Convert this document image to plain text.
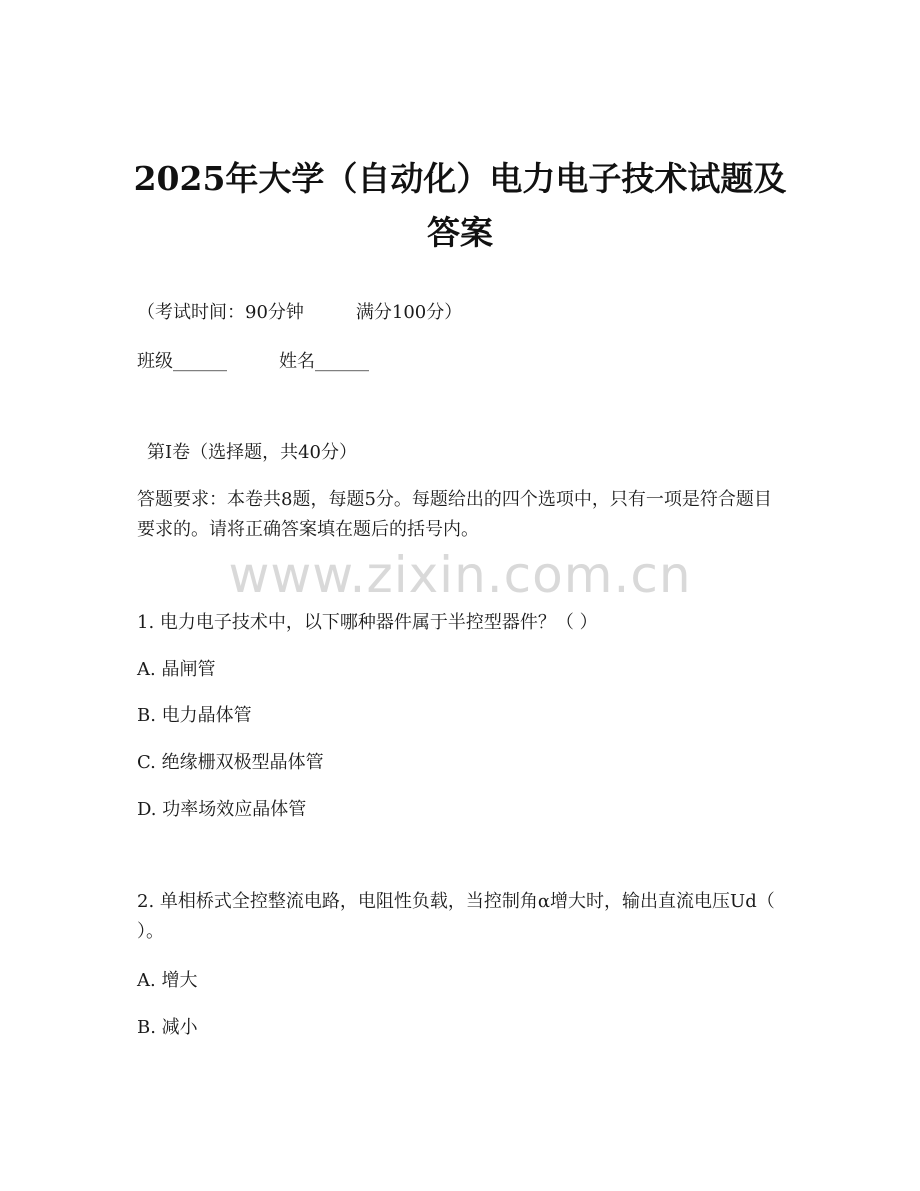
2025年大学（自动化）电力电子技术试题及答案
（考试时间：90分钟	满分100分）
班级______	姓名______
第I卷（选择题，共40分）
答题要求：本卷共8题，每题5分。每题给出的四个选项中，只有一项是符合题目要求的。请将正确答案填在题后的括号内。
www.zixin.com.cn
1. 电力电子技术中，以下哪种器件属于半控型器件？（ ）
A. 晶闸管
B. 电力晶体管
C. 绝缘栅双极型晶体管
D. 功率场效应晶体管
2. 单相桥式全控整流电路，电阻性负载，当控制角α增大时，输出直流电压Ud（ ）。
A. 增大
B. 减小
